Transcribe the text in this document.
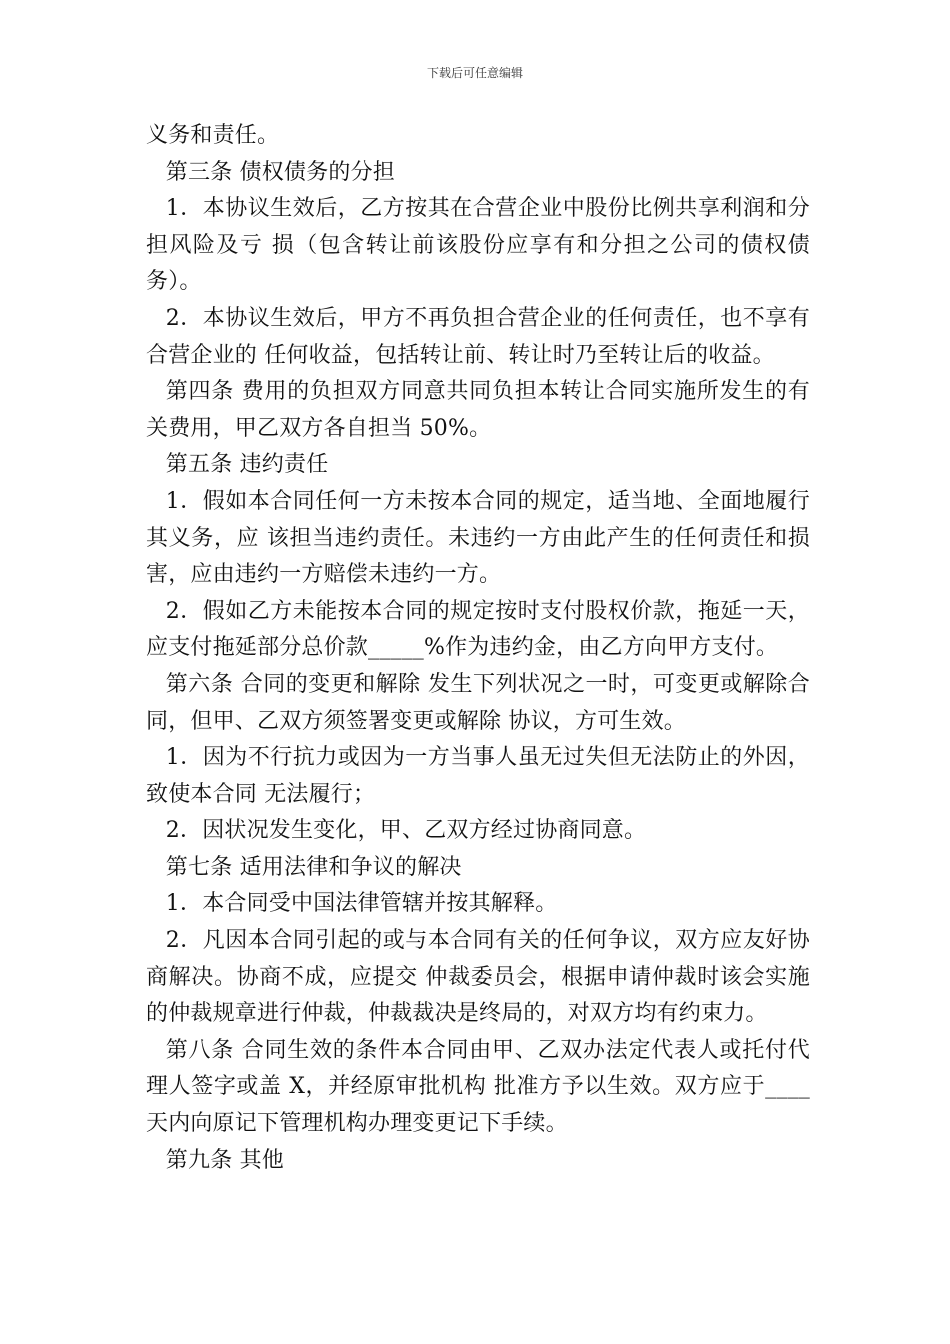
下载后可任意编辑

义务和责任。

第三条 债权债务的分担

1．本协议生效后，乙方按其在合营企业中股份比例共享利润和分担风险及亏 损（包含转让前该股份应享有和分担之公司的债权债务）。

2．本协议生效后，甲方不再负担合营企业的任何责任，也不享有合营企业的 任何收益，包括转让前、转让时乃至转让后的收益。

第四条 费用的负担双方同意共同负担本转让合同实施所发生的有关费用，甲乙双方各自担当 50%。

第五条 违约责任

1．假如本合同任何一方未按本合同的规定，适当地、全面地履行其义务，应 该担当违约责任。未违约一方由此产生的任何责任和损害，应由违约一方赔偿未违约一方。

2．假如乙方未能按本合同的规定按时支付股权价款，拖延一天，应支付拖延部分总价款_____%作为违约金，由乙方向甲方支付。

第六条 合同的变更和解除 发生下列状况之一时，可变更或解除合同，但甲、乙双方须签署变更或解除 协议，方可生效。

1．因为不行抗力或因为一方当事人虽无过失但无法防止的外因，致使本合同 无法履行；

2．因状况发生变化，甲、乙双方经过协商同意。

第七条 适用法律和争议的解决

1．本合同受中国法律管辖并按其解释。

2．凡因本合同引起的或与本合同有关的任何争议，双方应友好协商解决。协商不成，应提交 仲裁委员会，根据申请仲裁时该会实施的仲裁规章进行仲裁，仲裁裁决是终局的，对双方均有约束力。

第八条 合同生效的条件本合同由甲、乙双办法定代表人或托付代理人签字或盖 X，并经原审批机构 批准方予以生效。双方应于____天内向原记下管理机构办理变更记下手续。

第九条 其他
